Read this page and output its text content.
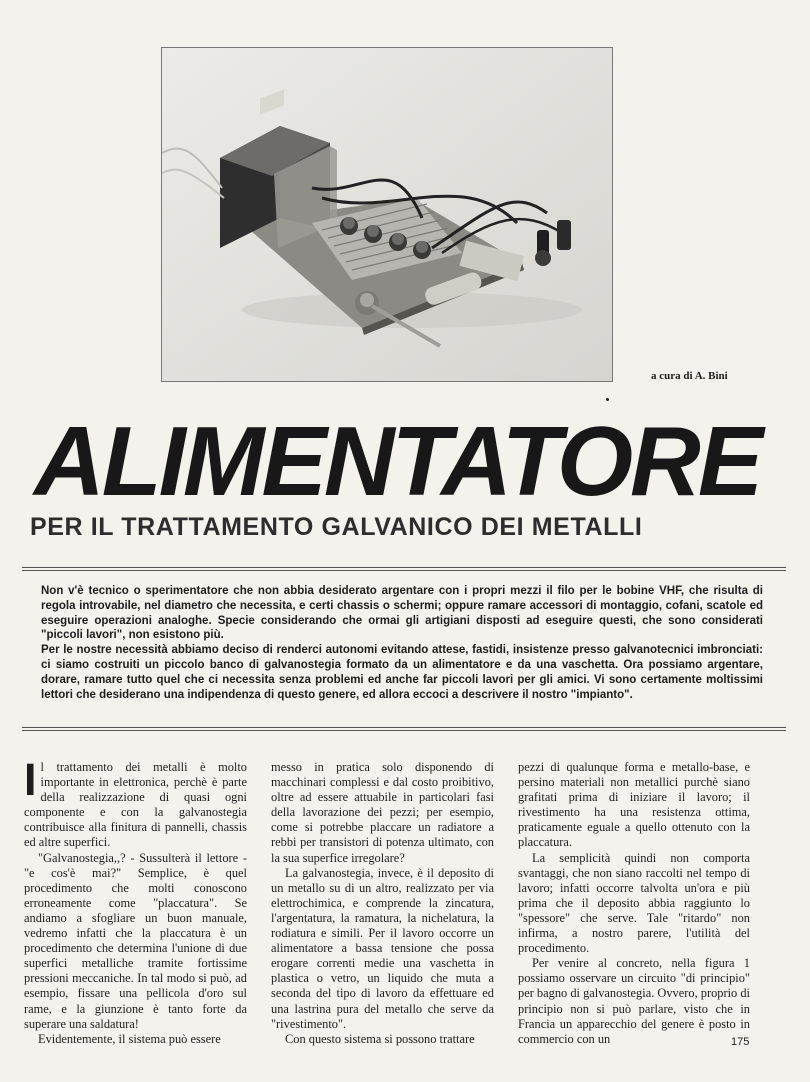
a cura di A. Bini
ALIMENTATORE
PER IL TRATTAMENTO GALVANICO DEI METALLI

Non v'è tecnico o sperimentatore che non abbia desiderato argentare con i propri mezzi il filo per le bobine VHF, che risulta di regola introvabile, nel diametro che necessita, e certi chassis o schermi; oppure ramare accessori di montaggio, cofani, scatole ed eseguire operazioni analoghe. Specie considerando che ormai gli artigiani disposti ad eseguire questi, che sono considerati "piccoli lavori", non esistono più.

Per le nostre necessità abbiamo deciso di renderci autonomi evitando attese, fastidi, insistenze presso galvanotecnici imbronciati: ci siamo costruiti un piccolo banco di galvanostegia formato da un alimentatore e da una vaschetta. Ora possiamo argentare, dorare, ramare tutto quel che ci necessita senza problemi ed anche far piccoli lavori per gli amici. Vi sono certamente moltissimi lettori che desiderano una indipendenza di questo genere, ed allora eccoci a descrivere il nostro "impianto".

Il trattamento dei metalli è molto importante in elettronica, perchè è parte della realizzazione di quasi ogni componente e con la galvanostegia contribuisce alla finitura di pannelli, chassis ed altre superfici.

"Galvanostegia,,? - Sussulterà il lettore - "e cos'è mai?" Semplice, è quel procedimento che molti conoscono erroneamente come "placcatura". Se andiamo a sfogliare un buon manuale, vedremo infatti che la placcatura è un procedimento che determina l'unione di due superfici metalliche tramite fortissime pressioni meccaniche. In tal modo si può, ad esempio, fissare una pellicola d'oro sul rame, e la giunzione è tanto forte da superare una saldatura!

Evidentemente, il sistema può essere

messo in pratica solo disponendo di macchinari complessi e dal costo proibitivo, oltre ad essere attuabile in particolari fasi della lavorazione dei pezzi; per esempio, come si potrebbe placcare un radiatore a rebbi per transistori di potenza ultimato, con la sua superfice irregolare?

La galvanostegia, invece, è il deposito di un metallo su di un altro, realizzato per via elettrochimica, e comprende la zincatura, l'argentatura, la ramatura, la nichelatura, la rodiatura e simili. Per il lavoro occorre un alimentatore a bassa tensione che possa erogare correnti medie una vaschetta in plastica o vetro, un liquido che muta a seconda del tipo di lavoro da effettuare ed una lastrina pura del metallo che serve da "rivestimento".

Con questo sistema si possono trattare

pezzi di qualunque forma e metallo-base, e persino materiali non metallici purchè siano grafitati prima di iniziare il lavoro; il rivestimento ha una resistenza ottima, praticamente eguale a quello ottenuto con la placcatura.

La semplicità quindi non comporta svantaggi, che non siano raccolti nel tempo di lavoro; infatti occorre talvolta un'ora e più prima che il deposito abbia raggiunto lo "spessore" che serve. Tale "ritardo" non infirma, a nostro parere, l'utilità del procedimento.

Per venire al concreto, nella figura 1 possiamo osservare un circuito "di principio" per bagno di galvanostegia. Ovvero, proprio di principio non si può parlare, visto che in Francia un apparecchio del genere è posto in commercio con un	175
